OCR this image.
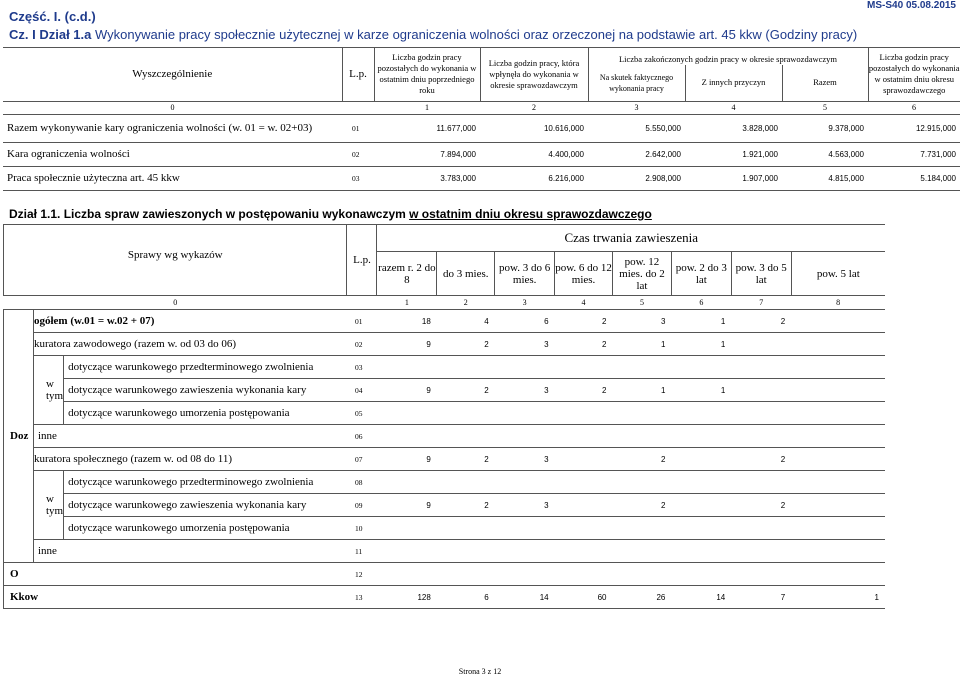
Część. I. (c.d.)
Cz. I Dział 1.a Wykonywanie pracy społecznie użytecznej w karze ograniczenia wolności oraz orzeczonej na podstawie art. 45 kkw (Godziny pracy)
MS-S40 05.08.2015
Wyszczególnienie	L.p.	Liczba godzin pracy pozostałych do wykonania w ostatnim dniu poprzedniego roku	Liczba godzin pracy, która wpłynęła do wykonania w okresie sprawozdawczym	Liczba zakończonych godzin pracy w okresie sprawozdawczym			Liczba godzin pracy pozostałych do wykonania w ostatnim dniu okresu sprawozdawczego
				Na skutek faktycznego wykonania pracy	Z innych przyczyn	Razem	
0		1	2	3	4	5	6
Razem wykonywanie kary ograniczenia wolności (w. 01 = w. 02+03)	01	11.677,000	10.616,000	5.550,000	3.828,000	9.378,000	12.915,000
Kara ograniczenia wolności	02	7.894,000	4.400,000	2.642,000	1.921,000	4.563,000	7.731,000
Praca społecznie użyteczna art. 45 kkw	03	3.783,000	6.216,000	2.908,000	1.907,000	4.815,000	5.184,000
Dział 1.1. Liczba spraw zawieszonych w postępowaniu wykonawczym w ostatnim dniu okresu sprawozdawczego
Sprawy wg wykazów			L.p.	Czas trwania zawieszenia							
				razem r. 2 do 8	do 3 mies.	pow. 3 do 6 mies.	pow. 6 do 12 mies.	pow. 12 mies. do 2 lat	pow. 2 do 3 lat	pow. 3 do 5 lat	pow. 5 lat
0				1	2	3	4	5	6	7	8
Doz	ogółem (w.01 = w.02 + 07)		01	18	4	6	2	3	1	2	
	kuratora zawodowego (razem w. od 03 do 06)		02	9	2	3	2	1	1		
	w tym	dotyczące warunkowego przedterminowego zwolnienia	03								
		dotyczące warunkowego zawieszenia wykonania kary	04	9	2	3	2	1	1		
		dotyczące warunkowego umorzenia postępowania	05								
	inne		06								
	kuratora społecznego (razem w. od 08 do 11)		07	9	2	3		2		2	
	w tym	dotyczące warunkowego przedterminowego zwolnienia	08								
		dotyczące warunkowego zawieszenia wykonania kary	09	9	2	3		2		2	
		dotyczące warunkowego umorzenia postępowania	10								
	inne		11								
O			12								
Kkow			13	128	6	14	60	26	14	7	1
Strona 3 z 12
